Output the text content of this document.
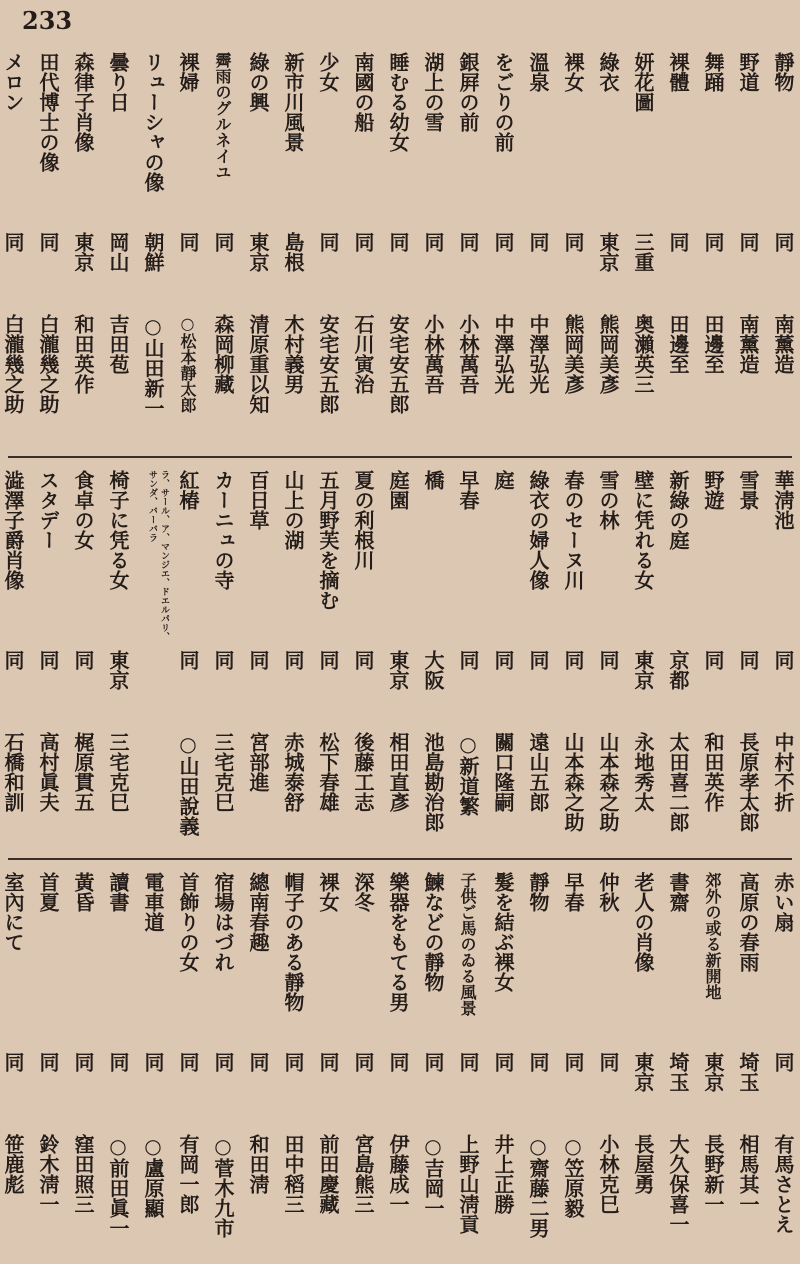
233
靜物
同
南薰造
野道
同
南薰造
舞踊
同
田邊至
裸體
同
田邊至
妍花圖
三重
奥瀨英三
綠衣
東京
熊岡美彥
裸女
同
熊岡美彥
溫泉
同
中澤弘光
をごりの前
同
中澤弘光
銀屛の前
同
小林萬吾
湖上の雪
同
小林萬吾
睡むる幼女
同
安宅安五郎
南國の船
同
石川寅治
少女
同
安宅安五郎
新市川風景
島根
木村義男
綠の興
東京
清原重以知
霽雨のグルネイユ
同
森岡柳藏
裸婦
同
○松本靜太郎
リューシャの像
朝鮮
○山田新一
曇り日
岡山
吉田苞
森律子肖像
東京
和田英作
田代博士の像
同
白瀧幾之助
メロン
同
白瀧幾之助
華淸池
同
中村不折
雪景
同
長原孝太郎
野遊
同
和田英作
新綠の庭
京都
太田喜二郎
壁に凭れる女
東京
永地秀太
雪の林
同
山本森之助
春のセーヌ川
同
山本森之助
綠衣の婦人像
同
遠山五郎
庭
同
關口隆嗣
早春
同
○新道繁
橋
大阪
池島勘治郎
庭園
東京
相田直彥
夏の利根川
同
後藤工志
五月野芙を摘む
同
松下春雄
山上の湖
同
赤城泰舒
百日草
同
宮部進
カーニュの寺
同
三宅克巳
紅椿
同
○山田說義
ラ、サール、ア、マンジエ、ドエルパリ、サンダ、バーバラ
椅子に凭る女
東京
三宅克巳
食卓の女
同
梶原貫五
スタデー
同
高村眞夫
澁澤子爵肖像
同
石橋和訓
赤い扇
同
有馬さとえ
高原の春雨
埼玉
相馬其一
郊外の或る新開地
東京
長野新一
書齋
埼玉
大久保喜一
老人の肖像
東京
長屋勇
仲秋
同
小林克巳
早春
同
○笠原毅
靜物
同
○齋藤二男
髮を結ぶ裸女
同
井上正勝
子供ご馬のゐる風景
同
上野山淸貢
鰊などの靜物
同
○吉岡一
樂器をもてる男
同
伊藤成一
深冬
同
宮島熊三
裸女
同
前田慶藏
帽子のある靜物
同
田中稻三
總南春趣
同
和田淸
宿場はづれ
同
○菅木九市
首飾りの女
同
有岡一郎
電車道
同
○盧原顯
讀書
同
○前田眞一
黃昏
同
窪田照三
首夏
同
鈴木淸一
室內にて
同
笹鹿彪
